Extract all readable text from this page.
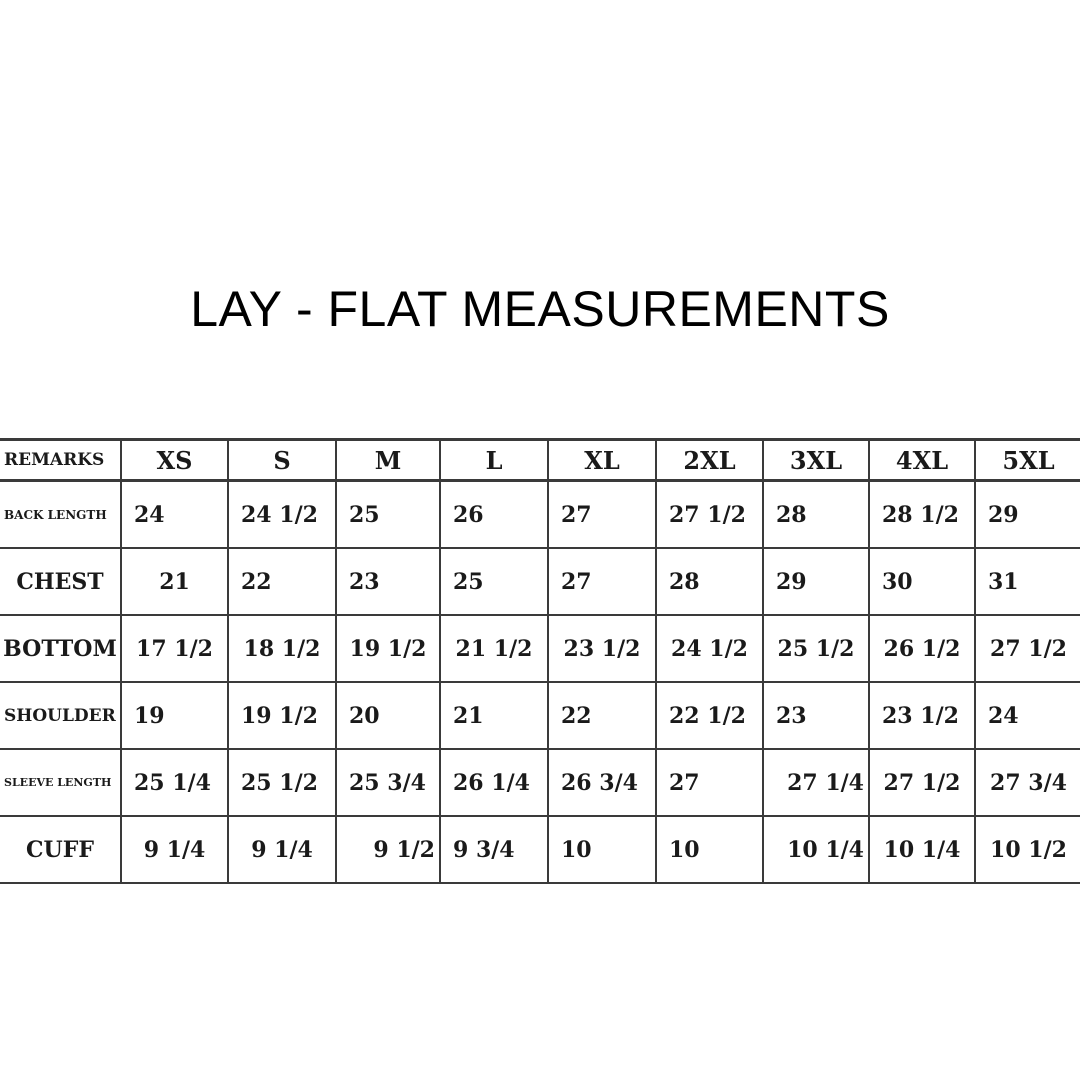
LAY - FLAT MEASUREMENTS
REMARKS	XS	S	M	L	XL	2XL	3XL	4XL	5XL
BACK LENGTH	24	24 1/2	25	26	27	27 1/2	28	28 1/2	29
CHEST	21	22	23	25	27	28	29	30	31
BOTTOM	17 1/2	18 1/2	19 1/2	21 1/2	23 1/2	24 1/2	25 1/2	26 1/2	27 1/2
SHOULDER	19	19 1/2	20	21	22	22 1/2	23	23 1/2	24
SLEEVE LENGTH	25 1/4	25 1/2	25 3/4	26 1/4	26 3/4	27	27 1/4	27 1/2	27 3/4
CUFF	9 1/4	9 1/4	9 1/2	9 3/4	10	10	10 1/4	10 1/4	10 1/2
